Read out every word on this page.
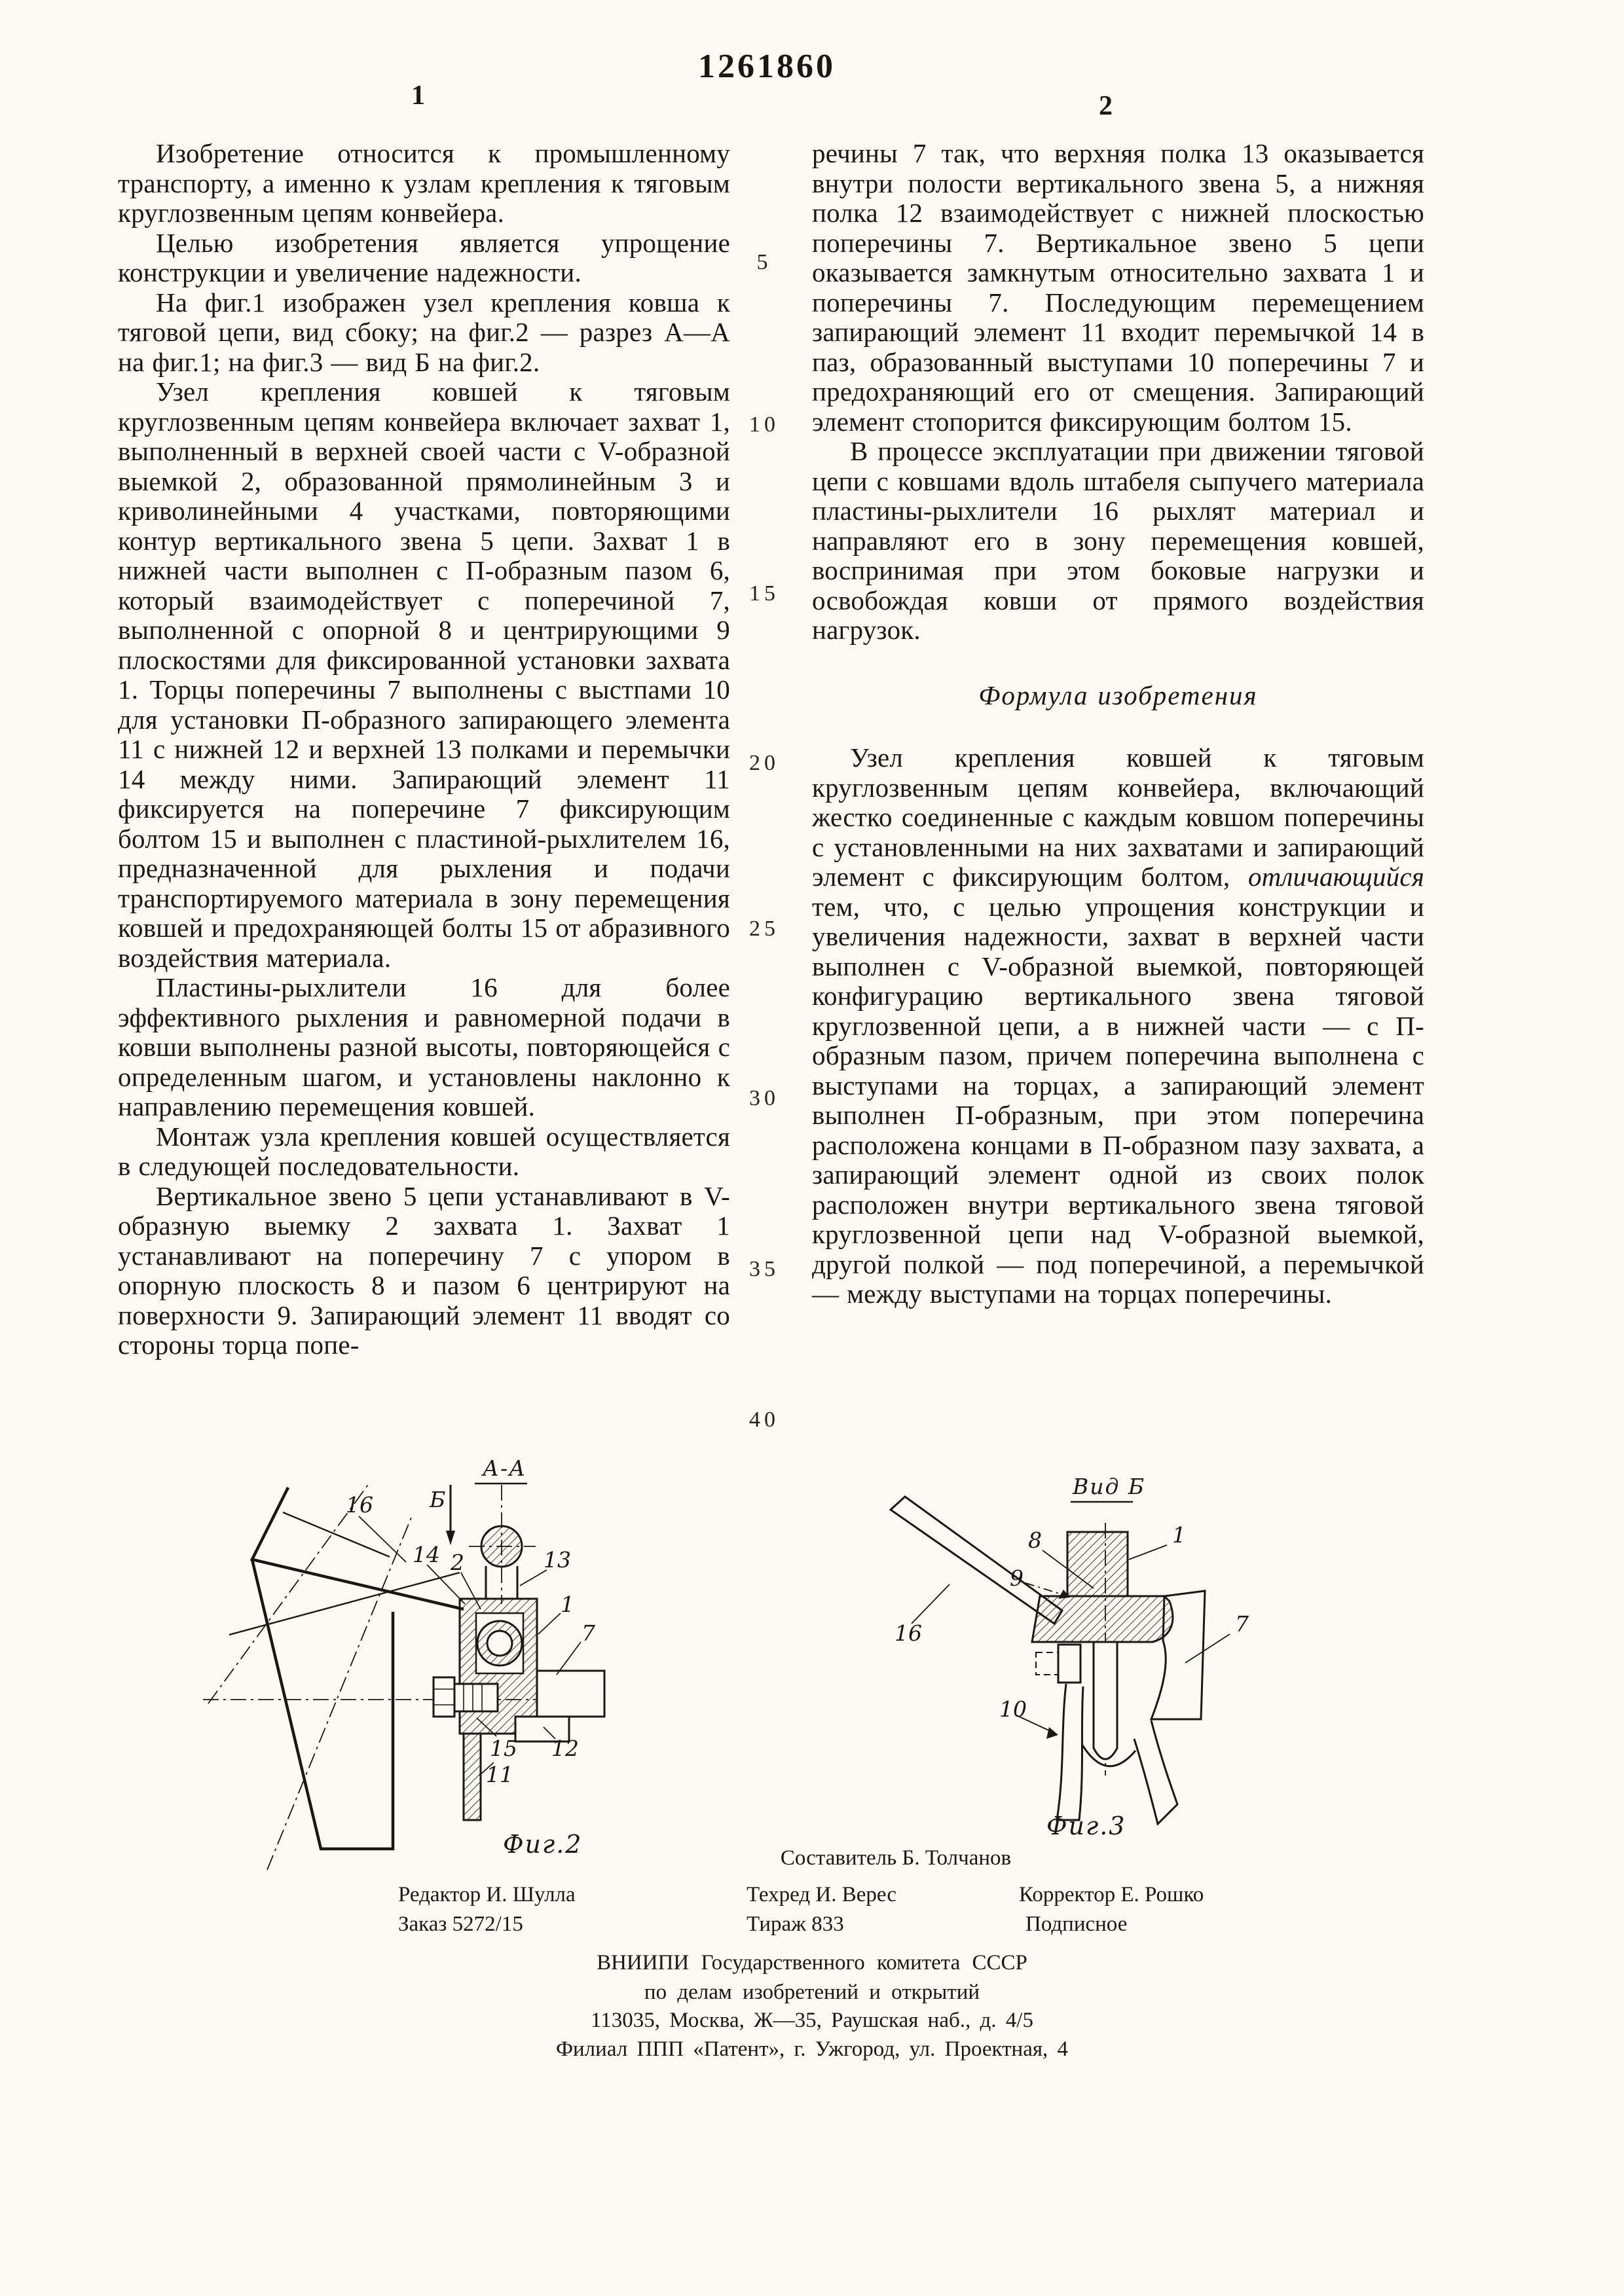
1261860
1	2
5
10
15
20
25
30
35
40

Изобретение относится к промышленному транспорту, а именно к узлам крепления к тяговым круглозвенным цепям конвейера.

Целью изобретения является упрощение конструкции и увеличение надежности.

На фиг.1 изображен узел крепления ковша к тяговой цепи, вид сбоку; на фиг.2 — разрез А—А на фиг.1; на фиг.3 — вид Б на фиг.2.

Узел крепления ковшей к тяговым круглозвенным цепям конвейера включает захват 1, выполненный в верхней своей части с V-образной выемкой 2, образованной прямолинейным 3 и криволинейными 4 участками, повторяющими контур вертикального звена 5 цепи. Захват 1 в нижней части выполнен с П-образным пазом 6, который взаимодействует с поперечиной 7, выполненной с опорной 8 и центрирующими 9 плоскостями для фиксированной установки захвата 1. Торцы поперечины 7 выполнены с выстпами 10 для установки П-образного запирающего элемента 11 с нижней 12 и верхней 13 полками и перемычки 14 между ними. Запирающий элемент 11 фиксируется на поперечине 7 фиксирующим болтом 15 и выполнен с пластиной-рыхлителем 16, предназначенной для рыхления и подачи транспортируемого материала в зону перемещения ковшей и предохраняющей болты 15 от абразивного воздействия материала.

Пластины-рыхлители 16 для более эффективного рыхления и равномерной подачи в ковши выполнены разной высоты, повторяющейся с определенным шагом, и установлены наклонно к направлению перемещения ковшей.

Монтаж узла крепления ковшей осуществляется в следующей последовательности.

Вертикальное звено 5 цепи устанавливают в V-образную выемку 2 захвата 1. Захват 1 устанавливают на поперечину 7 с упором в опорную плоскость 8 и пазом 6 центрируют на поверхности 9. Запирающий элемент 11 вводят со стороны торца попе-

речины 7 так, что верхняя полка 13 оказывается внутри полости вертикального звена 5, а нижняя полка 12 взаимодействует с нижней плоскостью поперечины 7. Вертикальное звено 5 цепи оказывается замкнутым относительно захвата 1 и поперечины 7. Последующим перемещением запирающий элемент 11 входит перемычкой 14 в паз, образованный выступами 10 поперечины 7 и предохраняющий его от смещения. Запирающий элемент стопорится фиксирующим болтом 15.

В процессе эксплуатации при движении тяговой цепи с ковшами вдоль штабеля сыпучего материала пластины-рыхлители 16 рыхлят материал и направляют его в зону перемещения ковшей, воспринимая при этом боковые нагрузки и освобождая ковши от прямого воздействия нагрузок.

Формула изобретения

Узел крепления ковшей к тяговым круглозвенным цепям конвейера, включающий жестко соединенные с каждым ковшом поперечины с установленными на них захватами и запирающий элемент с фиксирующим болтом, отличающийся тем, что, с целью упрощения конструкции и увеличения надежности, захват в верхней части выполнен с V-образной выемкой, повторяющей конфигурацию вертикального звена тяговой круглозвенной цепи, а в нижней части — с П-образным пазом, причем поперечина выполнена с выступами на торцах, а запирающий элемент выполнен П-образным, при этом поперечина расположена концами в П-образном пазу захвата, а запирающий элемент одной из своих полок расположен внутри вертикального звена тяговой круглозвенной цепи над V-образной выемкой, другой полкой — под поперечиной, а перемычкой — между выступами на торцах поперечины.

А-А
Б
16
14 2	13
1
7
15 12
11
Фиг.2
Вид Б
16
8
9
1
7
10
Фиг.3
Составитель Б. Толчанов
Редактор И. Шулла	Техред И. Верес	Корректор Е. Рошко
Заказ 5272/15	Тираж 833	Подписное
ВНИИПИ Государственного комитета СССР
по делам изобретений и открытий
113035, Москва, Ж—35, Раушская наб., д. 4/5
Филиал ППП «Патент», г. Ужгород, ул. Проектная, 4
